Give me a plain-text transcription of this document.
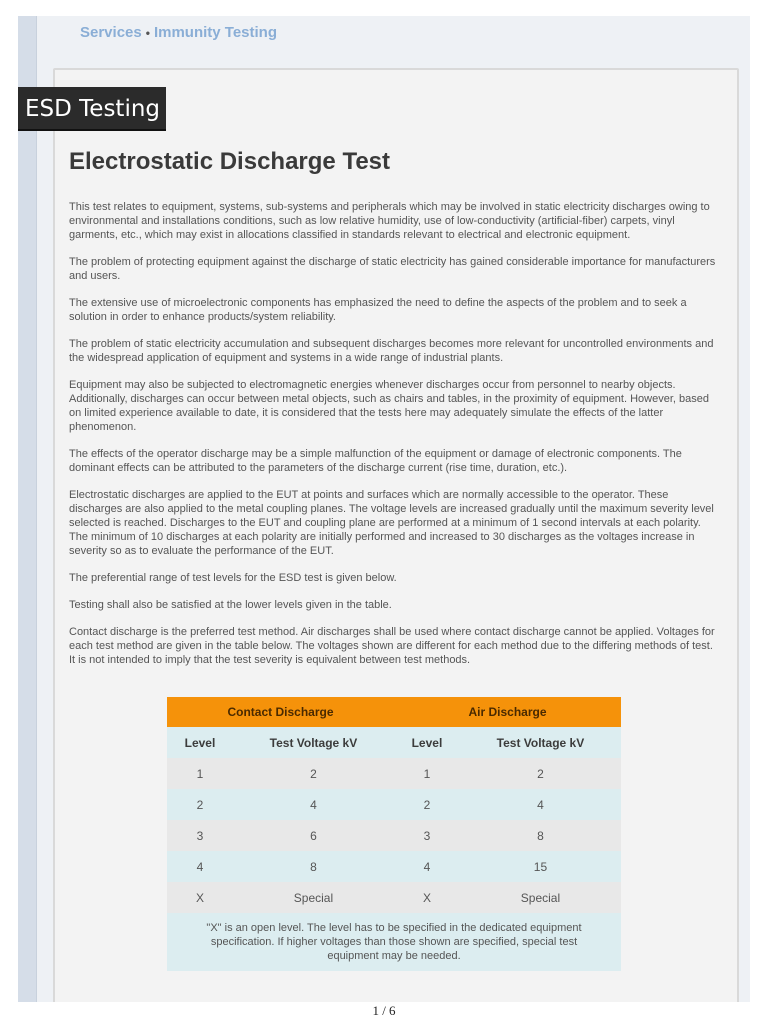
Services • Immunity Testing
ESD Testing
Electrostatic Discharge Test

This test relates to equipment, systems, sub-systems and peripherals which may be involved in static electricity discharges owing to environmental and installations conditions, such as low relative humidity, use of low-conductivity (artificial-fiber) carpets, vinyl garments, etc., which may exist in allocations classified in standards relevant to electrical and electronic equipment.

The problem of protecting equipment against the discharge of static electricity has gained considerable importance for manufacturers and users.

The extensive use of microelectronic components has emphasized the need to define the aspects of the problem and to seek a solution in order to enhance products/system reliability.

The problem of static electricity accumulation and subsequent discharges becomes more relevant for uncontrolled environments and the widespread application of equipment and systems in a wide range of industrial plants.

Equipment may also be subjected to electromagnetic energies whenever discharges occur from personnel to nearby objects. Additionally, discharges can occur between metal objects, such as chairs and tables, in the proximity of equipment. However, based on limited experience available to date, it is considered that the tests here may adequately simulate the effects of the latter phenomenon.

The effects of the operator discharge may be a simple malfunction of the equipment or damage of electronic components. The dominant effects can be attributed to the parameters of the discharge current (rise time, duration, etc.).

Electrostatic discharges are applied to the EUT at points and surfaces which are normally accessible to the operator. These discharges are also applied to the metal coupling planes. The voltage levels are increased gradually until the maximum severity level selected is reached. Discharges to the EUT and coupling plane are performed at a minimum of 1 second intervals at each polarity. The minimum of 10 discharges at each polarity are initially performed and increased to 30 discharges as the voltages increase in severity so as to evaluate the performance of the EUT.

The preferential range of test levels for the ESD test is given below.

Testing shall also be satisfied at the lower levels given in the table.

Contact discharge is the preferred test method. Air discharges shall be used where contact discharge cannot be applied. Voltages for each test method are given in the table below. The voltages shown are different for each method due to the differing methods of test. It is not intended to imply that the test severity is equivalent between test methods.

Contact Discharge		Air Discharge	
Level	Test Voltage kV	Level	Test Voltage kV
1	2	1	2
2	4	2	4
3	6	3	8
4	8	4	15
X	Special	X	Special
"X" is an open level. The level has to be specified in the dedicated equipment specification. If higher voltages than those shown are specified, special test equipment may be needed.			
1 / 6
